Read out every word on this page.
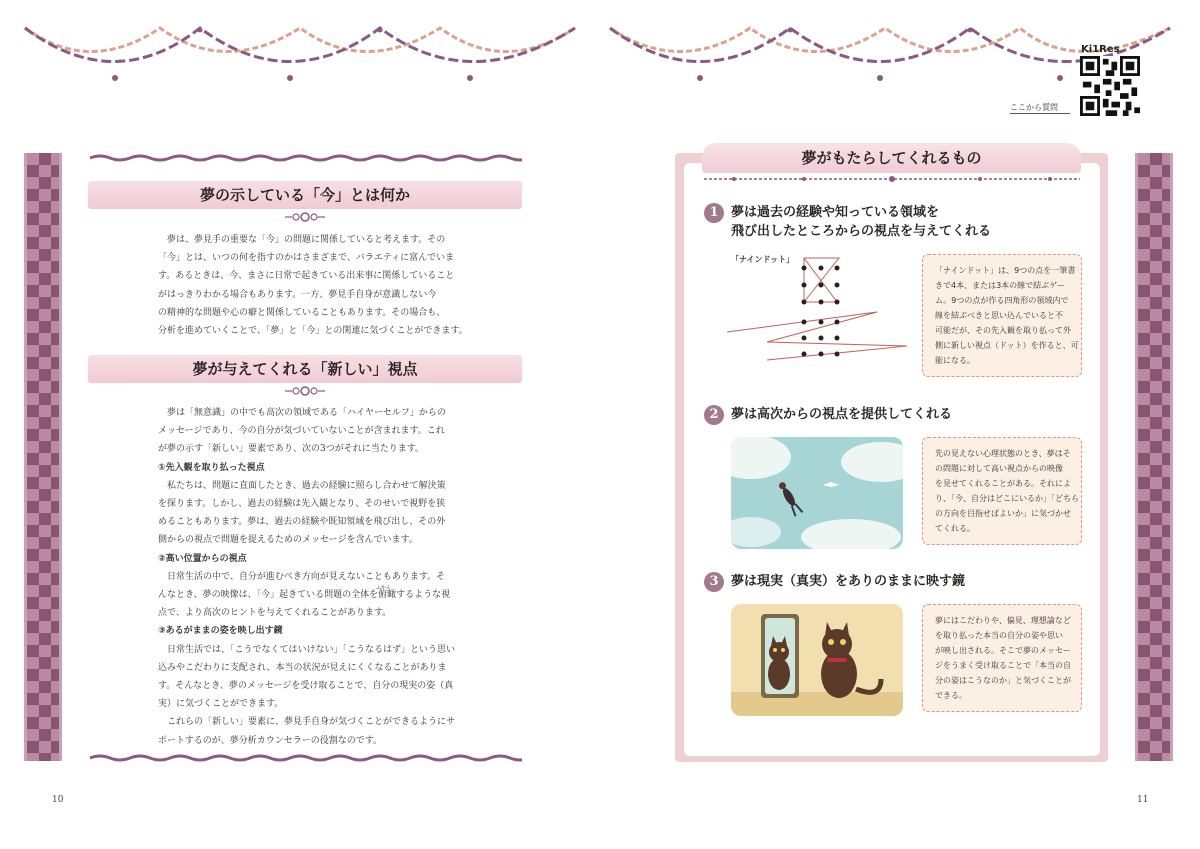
Ki1Res
ここから質問
夢の示している「今」とは何か
夢は、夢見手の重要な「今」の問題に関係していると考えます。その
「今」とは、いつの何を指すのかはさまざまで、バラエティに富んでいま
す。あるときは、今、まさに日常で起きている出来事に関係していること
がはっきりわかる場合もあります。一方、夢見手自身が意識しない今
の精神的な問題や心の癖と関係していることもあります。その場合も、
分析を進めていくことで、「夢」と「今」との関連に気づくことができます。
夢が与えてくれる「新しい」視点
夢は「無意識」の中でも高次の領域である「ハイヤーセルフ」からの
メッセージであり、今の自分が気づいていないことが含まれます。これ
が夢の示す「新しい」要素であり、次の3つがそれに当たります。
①先入観を取り払った視点
私たちは、問題に直面したとき、過去の経験に照らし合わせて解決策
を探ります。しかし、過去の経験は先入観となり、そのせいで視野を狭
めることもあります。夢は、過去の経験や既知領域を飛び出し、その外
側からの視点で問題を捉えるためのメッセージを含んでいます。
②高い位置からの視点
日常生活の中で、自分が進むべき方向が見えないこともあります。そ
ふかん
んなとき、夢の映像は、「今」起きている問題の全体を俯瞰するような視
点で、より高次のヒントを与えてくれることがあります。
③あるがままの姿を映し出す鏡
日常生活では、「こうでなくてはいけない」「こうなるはず」という思い
込みやこだわりに支配され、本当の状況が見えにくくなることがありま
す。そんなとき、夢のメッセージを受け取ることで、自分の現実の姿（真
実）に気づくことができます。
これらの「新しい」要素に、夢見手自身が気づくことができるようにサ
ポートするのが、夢分析カウンセラーの役割なのです。
10
夢がもたらしてくれるもの
1 夢は過去の経験や知っている領域を
飛び出したところからの視点を与えてくれる
「ナインドット」
「ナインドット」は、9つの点を一筆書
きで4本、または3本の線で結ぶゲー
ム。9つの点が作る四角形の領域内で
線を結ぶべきと思い込んでいると不
可能だが、その先入観を取り払って外
側に新しい視点（ドット）を作ると、可
能になる。
2 夢は高次からの視点を提供してくれる
先の見えない心理状態のとき、夢はそ
の問題に対して高い視点からの映像
を見せてくれることがある。それによ
り、「今、自分はどこにいるか」「どちら
の方向を目指せばよいか」に気づかせ
てくれる。
3 夢は現実（真実）をありのままに映す鏡
夢にはこだわりや、偏見、理想論など
を取り払った本当の自分の姿や思い
が映し出される。そこで夢のメッセー
ジをうまく受け取ることで「本当の自
分の姿はこうなのか」と気づくことが
できる。
11
